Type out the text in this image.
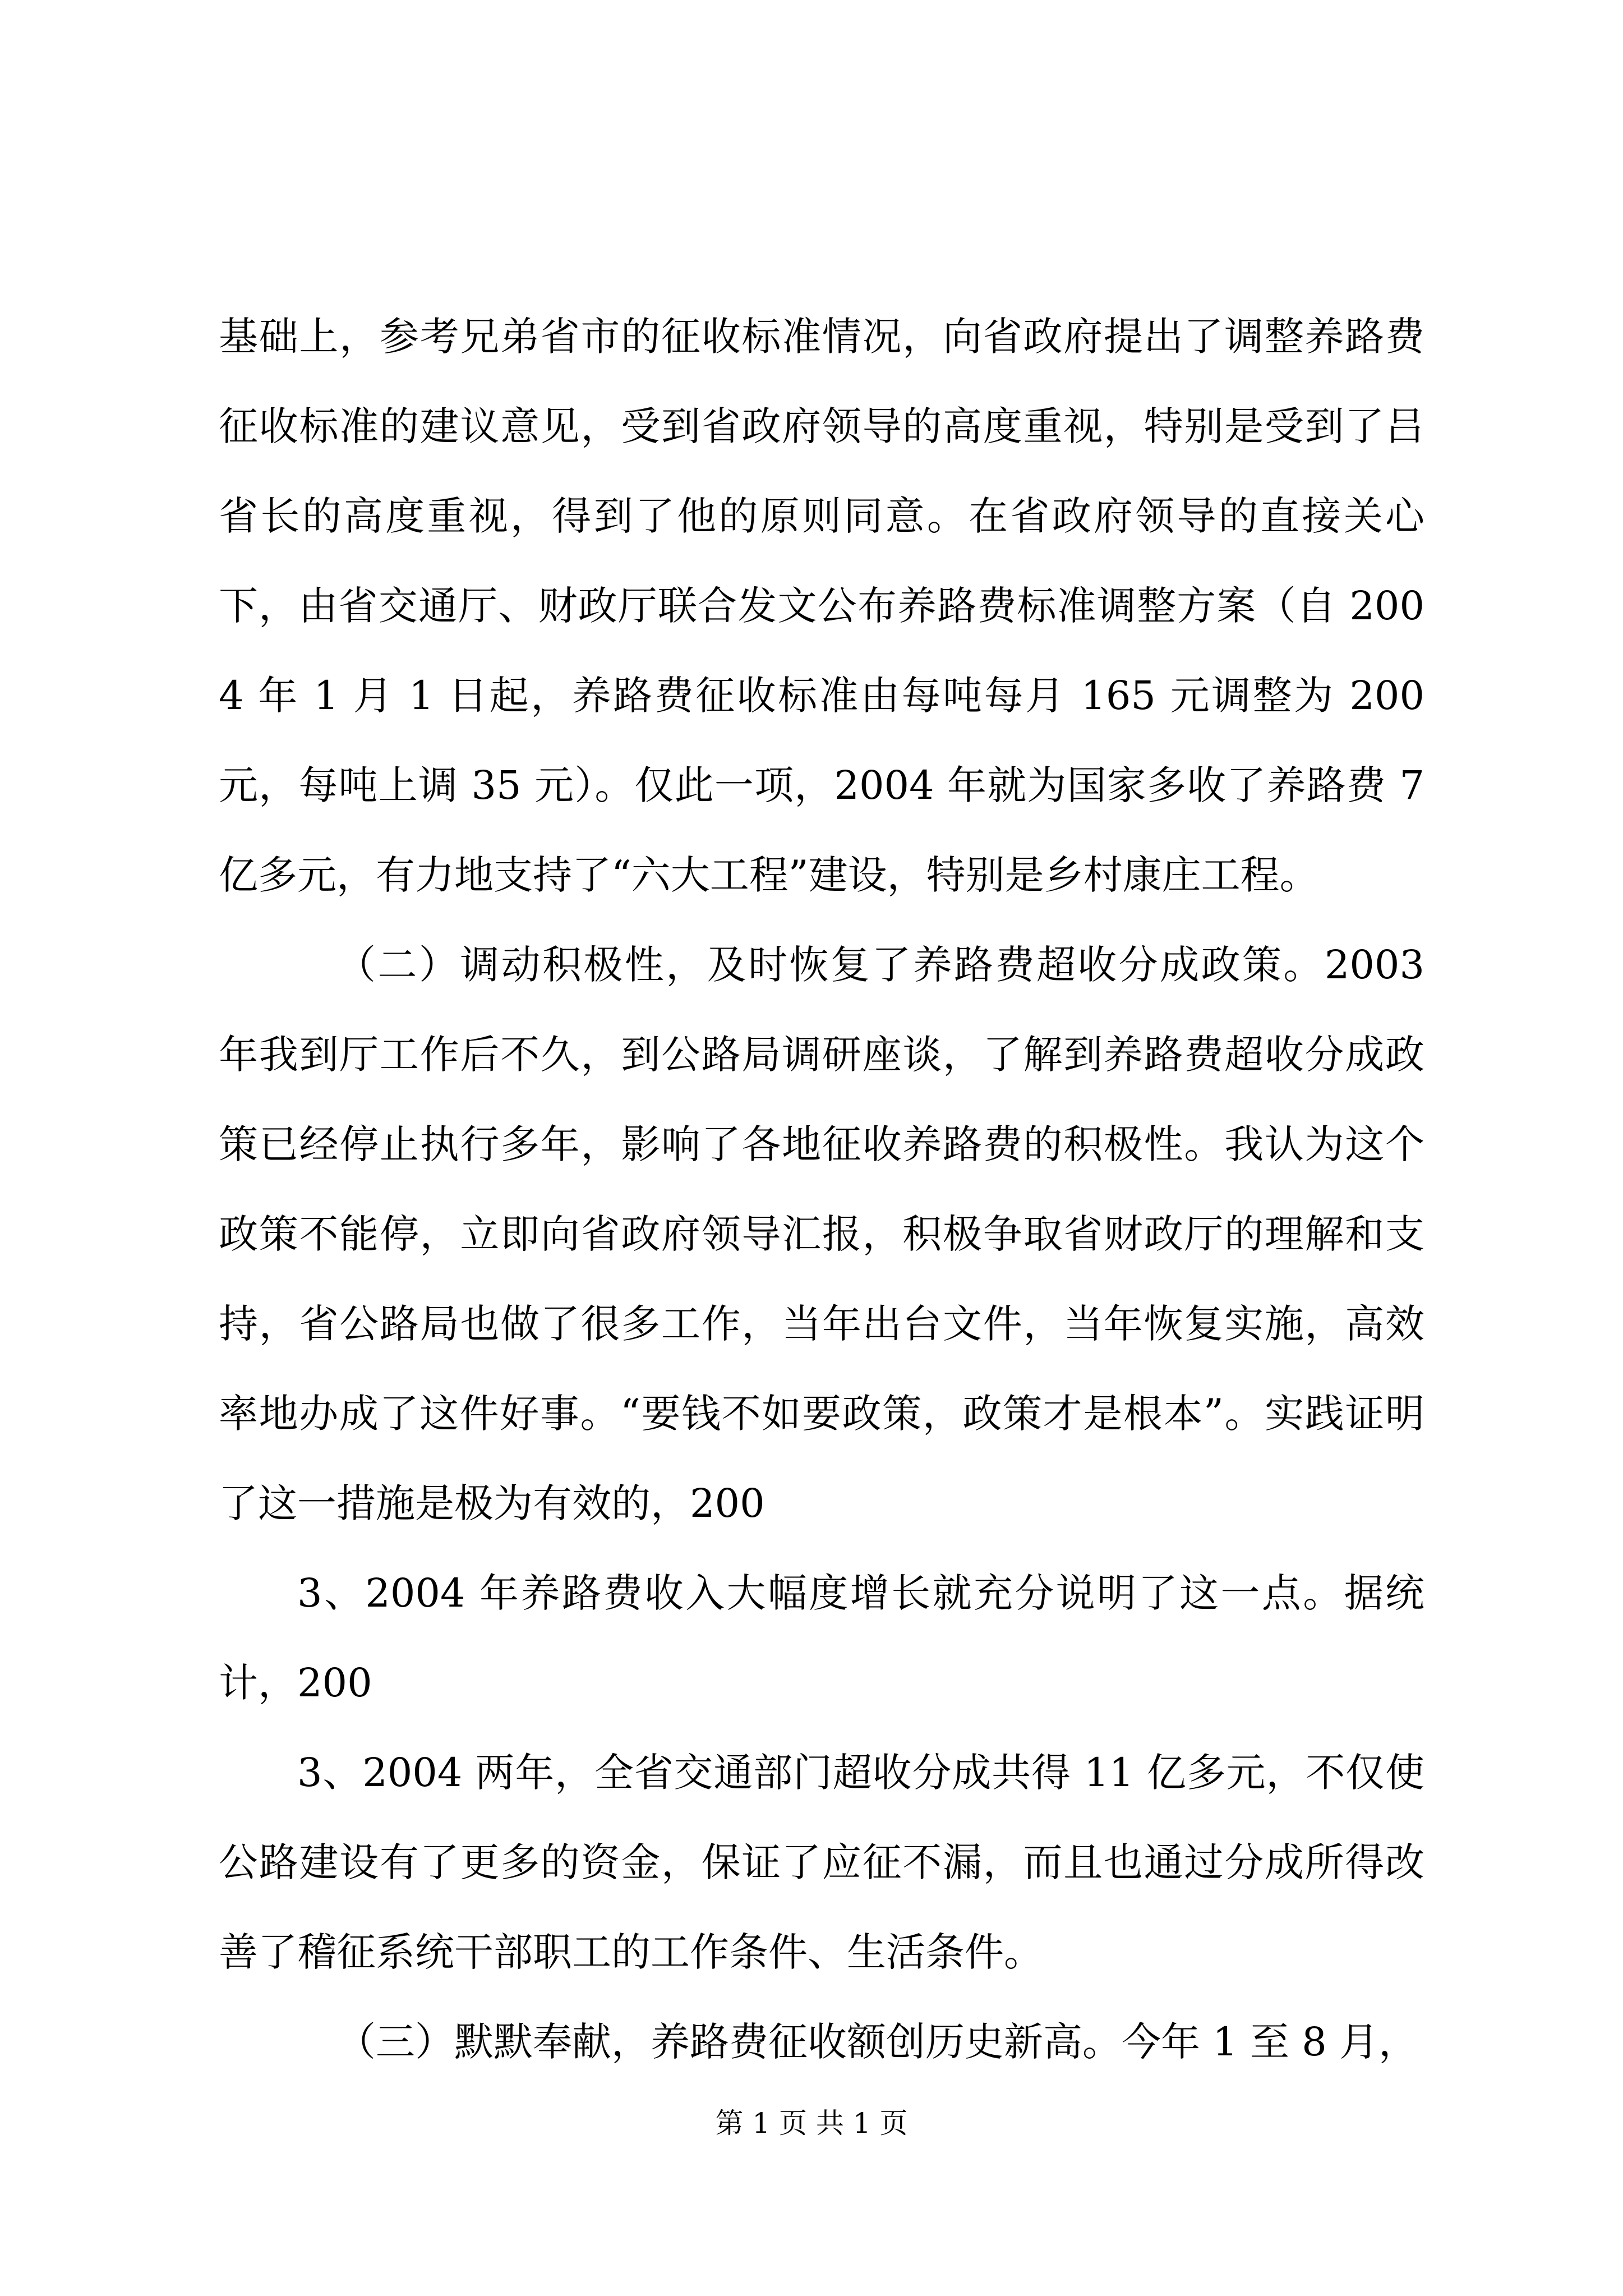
基础上，参考兄弟省市的征收标准情况，向省政府提出了调整养路费征收标准的建议意见，受到省政府领导的高度重视，特别是受到了吕省长的高度重视，得到了他的原则同意。在省政府领导的直接关心下，由省交通厅、财政厅联合发文公布养路费标准调整方案（自 2004 年 1 月 1 日起，养路费征收标准由每吨每月 165 元调整为 200 元，每吨上调 35 元）。仅此一项，2004 年就为国家多收了养路费 7 亿多元，有力地支持了“六大工程”建设，特别是乡村康庄工程。

（二）调动积极性，及时恢复了养路费超收分成政策。2003 年我到厅工作后不久，到公路局调研座谈，了解到养路费超收分成政策已经停止执行多年，影响了各地征收养路费的积极性。我认为这个政策不能停，立即向省政府领导汇报，积极争取省财政厅的理解和支持，省公路局也做了很多工作，当年出台文件，当年恢复实施，高效率地办成了这件好事。“要钱不如要政策，政策才是根本”。实践证明了这一措施是极为有效的，200

3、2004 年养路费收入大幅度增长就充分说明了这一点。据统计，200

3、2004 两年，全省交通部门超收分成共得 11 亿多元，不仅使公路建设有了更多的资金，保证了应征不漏，而且也通过分成所得改善了稽征系统干部职工的工作条件、生活条件。

（三）默默奉献，养路费征收额创历史新高。今年 1 至 8 月，

第 1 页 共 1 页
